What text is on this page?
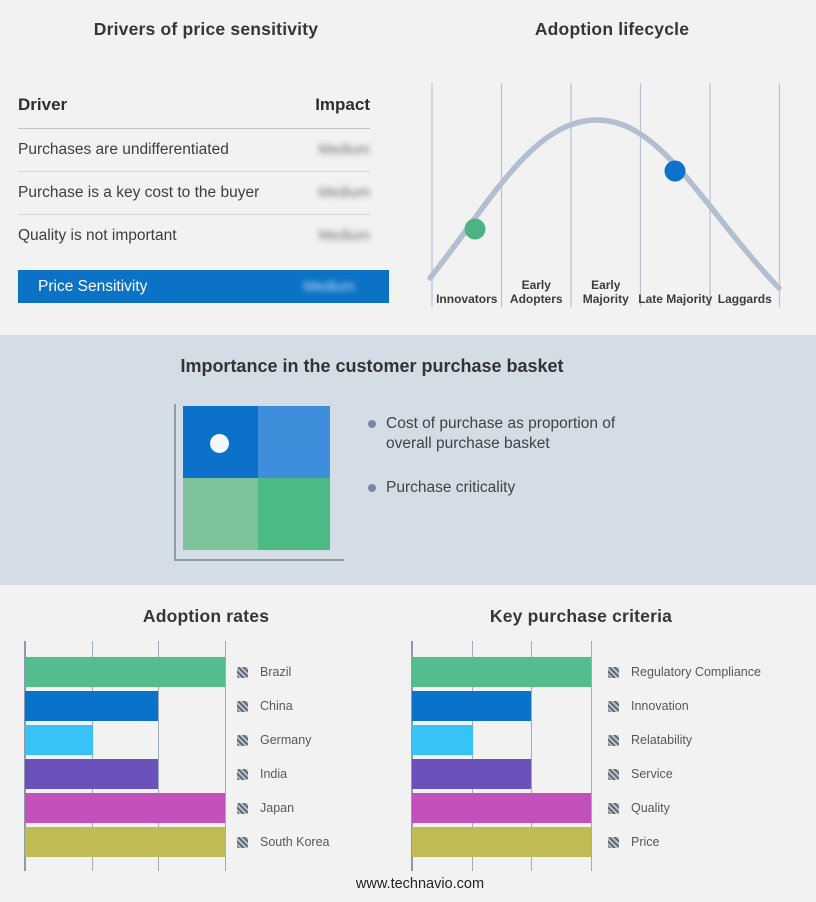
Drivers of price sensitivity
Driver	Impact
Purchases are undifferentiated	Medium
Purchase is a key cost to the buyer	Medium
Quality is not important	Medium
Price Sensitivity	Medium
Adoption lifecycle
Innovators
Early Adopters
Early Majority Late Majority Laggards
Importance in the customer purchase basket
Cost of purchase as proportion of overall purchase basket
Purchase criticality
Adoption rates
Brazil
China
Germany
India
Japan
South Korea
Key purchase criteria
Regulatory Compliance
Innovation
Relatability
Service
Quality
Price
www.technavio.com
